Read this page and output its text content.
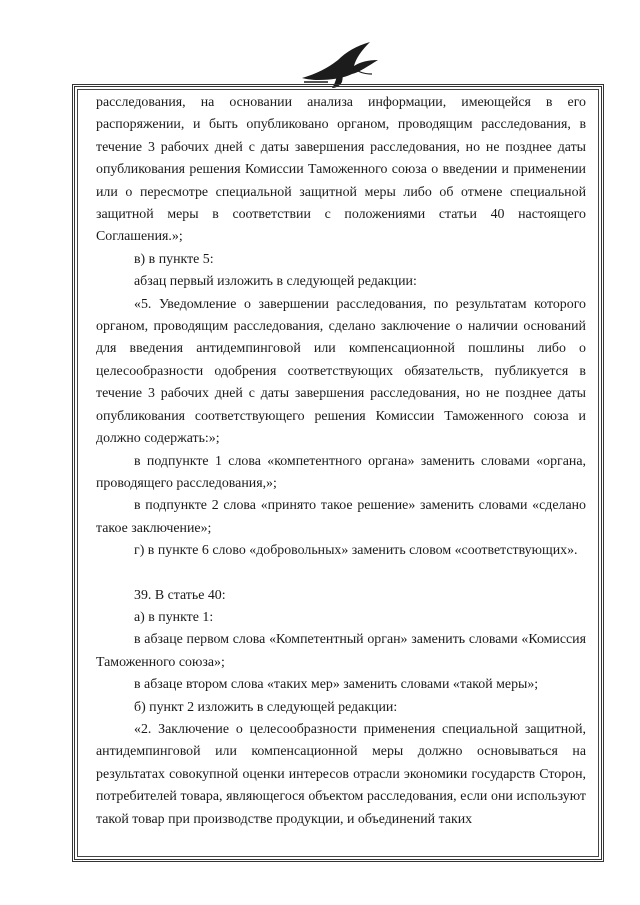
расследования, на основании анализа информации, имеющейся в его распоряжении, и быть опубликовано органом, проводящим расследования, в течение 3 рабочих дней с даты завершения расследования, но не позднее даты опубликования решения Комиссии Таможенного союза о введении и применении или о пересмотре специальной защитной меры либо об отмене специальной защитной меры в соответствии с положениями статьи 40 настоящего Соглашения.»;

в) в пункте 5:

абзац первый изложить в следующей редакции:

«5. Уведомление о завершении расследования, по результатам которого органом, проводящим расследования, сделано заключение о наличии оснований для введения антидемпинговой или компенсационной пошлины либо о целесообразности одобрения соответствующих обязательств, публикуется в течение 3 рабочих дней с даты завершения расследования, но не позднее даты опубликования соответствующего решения Комиссии Таможенного союза и должно содержать:»;

в подпункте 1 слова «компетентного органа» заменить словами «органа, проводящего расследования,»;

в подпункте 2 слова «принято такое решение» заменить словами «сделано такое заключение»;

г) в пункте 6 слово «добровольных» заменить словом «соответствующих».

39. В статье 40:

а) в пункте 1:

в абзаце первом слова «Компетентный орган» заменить словами «Комиссия Таможенного союза»;

в абзаце втором слова «таких мер» заменить словами «такой меры»;

б) пункт 2 изложить в следующей редакции:

«2. Заключение о целесообразности применения специальной защитной, антидемпинговой или компенсационной меры должно основываться на результатах совокупной оценки интересов отрасли экономики государств Сторон, потребителей товара, являющегося объектом расследования, если они используют такой товар при производстве продукции, и объединений таких
